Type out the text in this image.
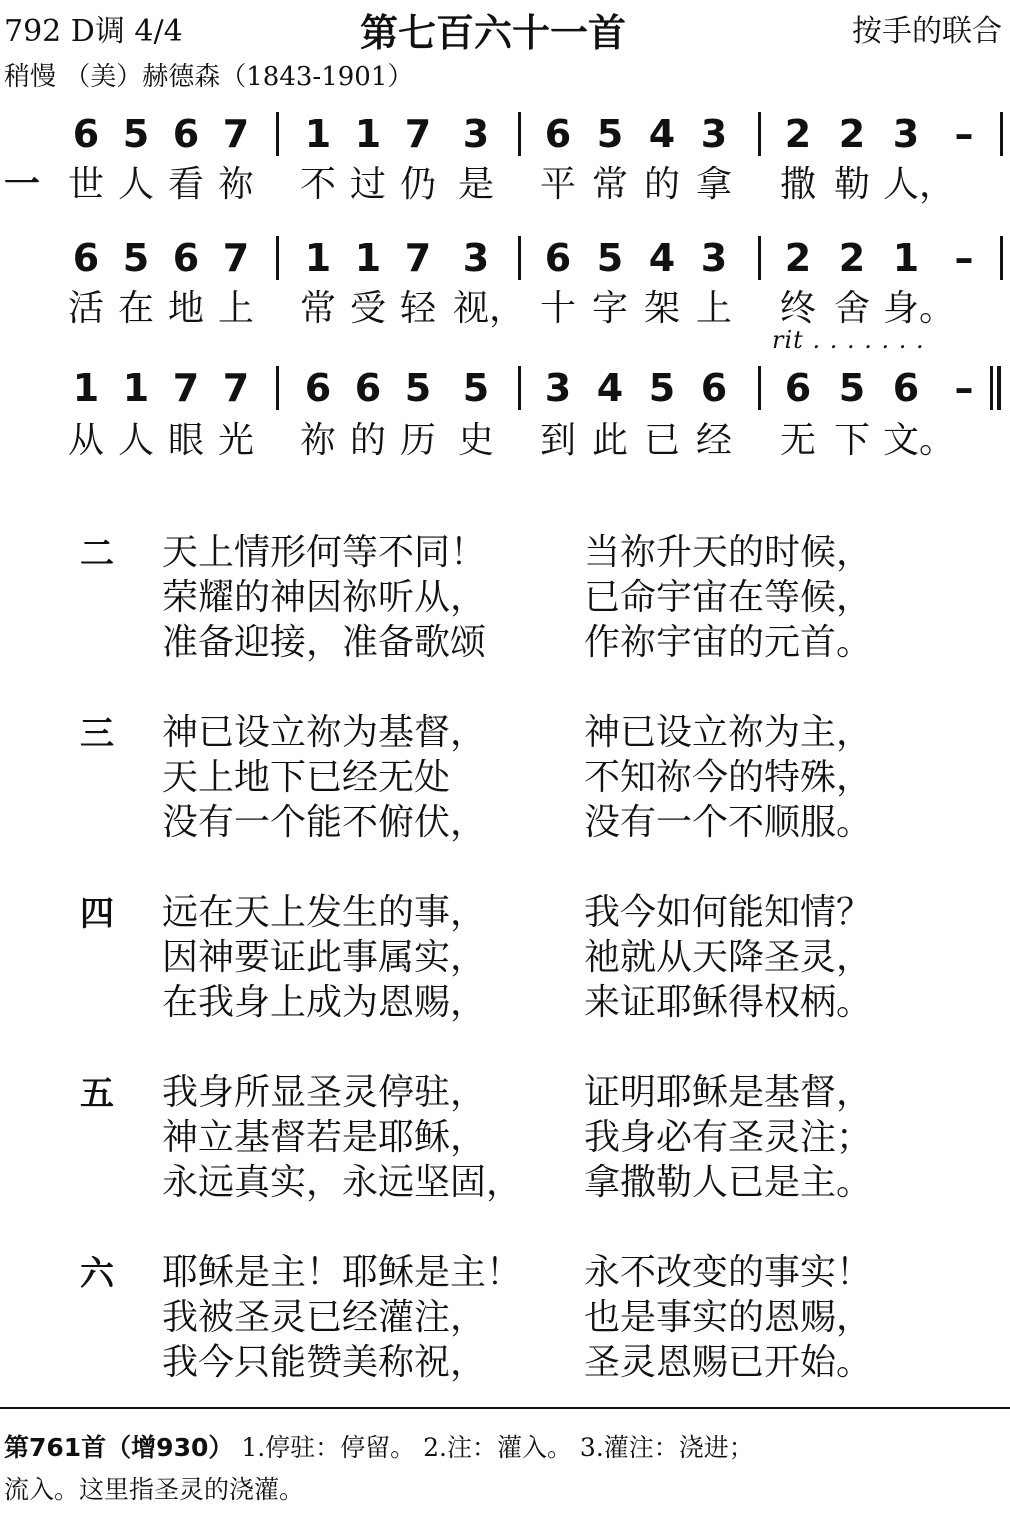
792 D调 4/4	第七百六十一首	按手的联合
稍慢 （美）赫德森（1843-1901）
6 5 6 7 1 1 7 3 6 5 4 3 2 2 3 –
一 世 人 看 祢 不 过 仍 是 平 常 的 拿 撒 勒 人，
6 5 6 7 1 1 7 3 6 5 4 3 2 2 1 –
活 在 地 上 常 受 轻 视， 十 字 架 上 终 舍 身。
1 1 7 7 6 6 5 5 3 4 5 6 6 5 6 –
从 人 眼 光 祢 的 历 史 到 此 已 经 无 下 文。
rit . . . . . . .
二 天上情形何等不同！
荣耀的神因祢听从，
准备迎接，准备歌颂
当祢升天的时候，
已命宇宙在等候，
作祢宇宙的元首。
三 神已设立祢为基督，
天上地下已经无处
没有一个能不俯伏，
神已设立祢为主，
不知祢今的特殊，
没有一个不顺服。
四 远在天上发生的事，
因神要证此事属实，
在我身上成为恩赐，
我今如何能知情？
祂就从天降圣灵，
来证耶稣得权柄。
五 我身所显圣灵停驻，
神立基督若是耶稣，
永远真实，永远坚固，
证明耶稣是基督，
我身必有圣灵注；
拿撒勒人已是主。
六 耶稣是主！耶稣是主！
我被圣灵已经灌注，
我今只能赞美称祝，
永不改变的事实！
也是事实的恩赐，
圣灵恩赐已开始。
第761首（增930） 1.停驻：停留。 2.注：灌入。 3.灌注：浇进；
流入。这里指圣灵的浇灌。
